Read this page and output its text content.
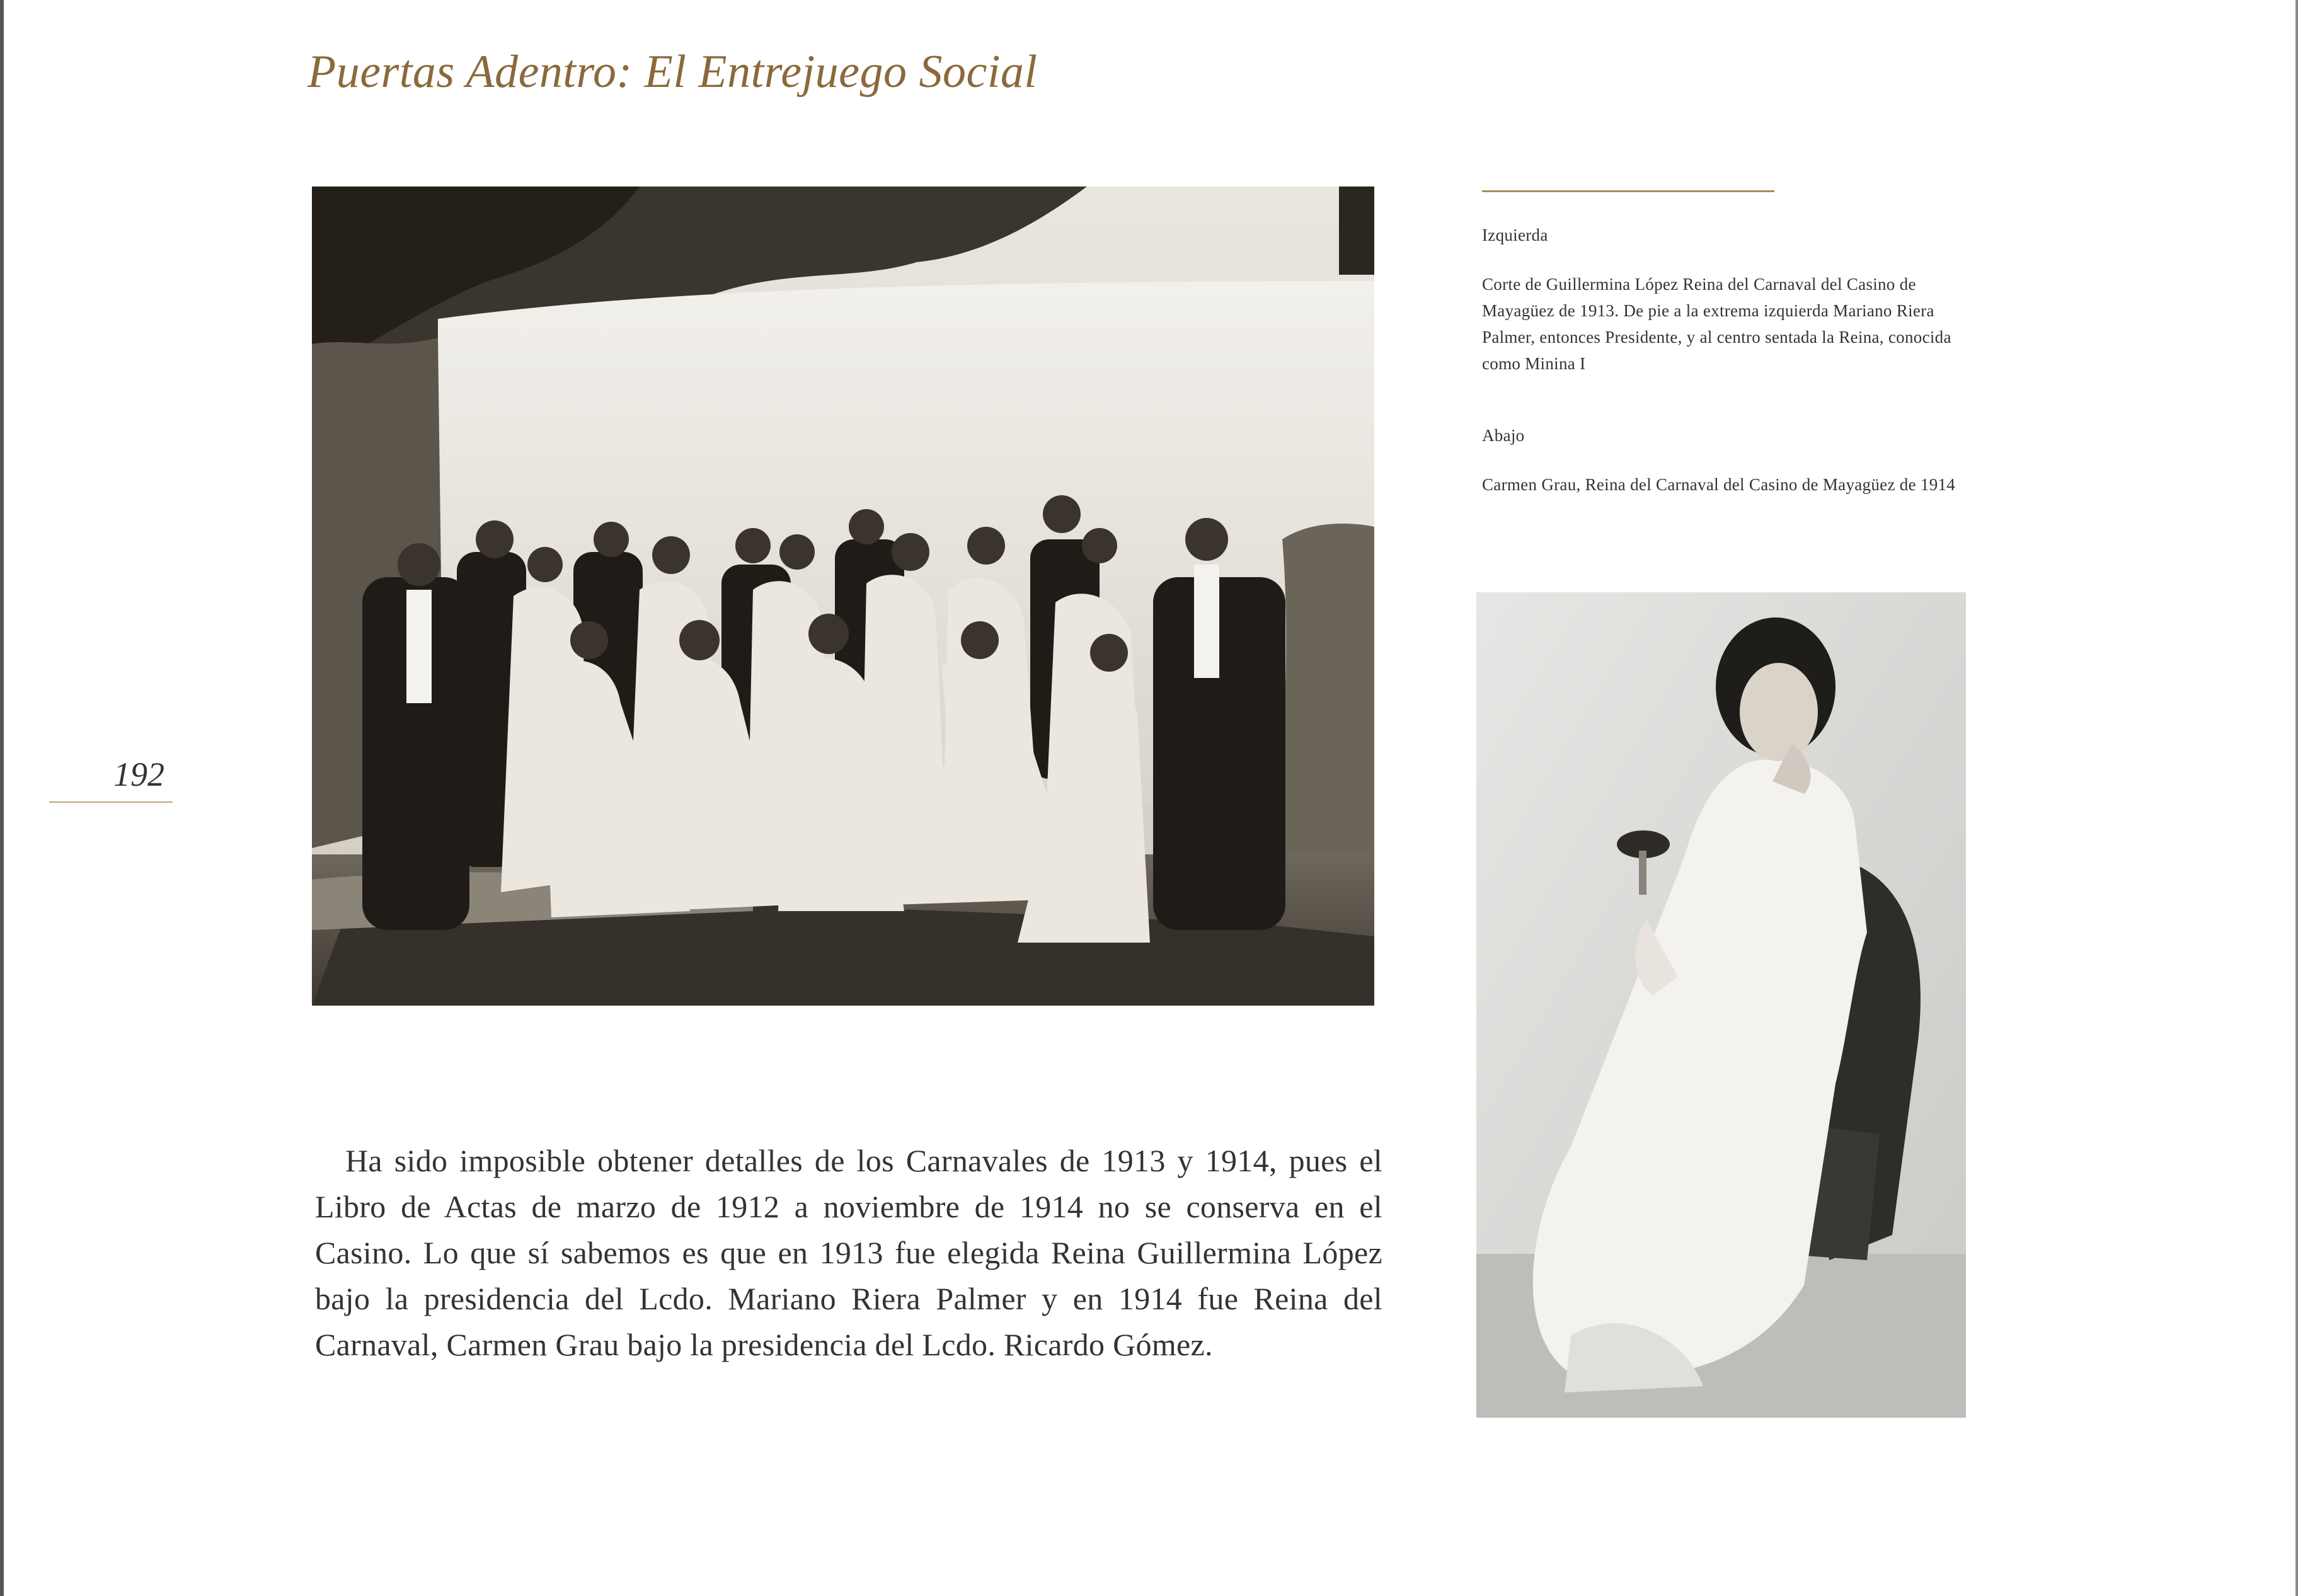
Puertas Adentro: El Entrejuego Social
192

Izquierda

Corte de Guillermina López Reina del Carnaval del Casino de Mayagüez de 1913. De pie a la extrema izquierda Mariano Riera Palmer, entonces Presidente, y al centro sentada la Reina, conocida como Minina I

Abajo

Carmen Grau, Reina del Carnaval del Casino de Mayagüez de 1914

Ha sido imposible obtener detalles de los Carnavales de 1913 y 1914, pues el Libro de Actas de marzo de 1912 a noviembre de 1914 no se conserva en el Casino. Lo que sí sabemos es que en 1913 fue elegida Reina Guillermina López bajo la presidencia del Lcdo. Mariano Riera Palmer y en 1914 fue Reina del Carnaval, Carmen Grau bajo la presidencia del Lcdo. Ricardo Gómez.
